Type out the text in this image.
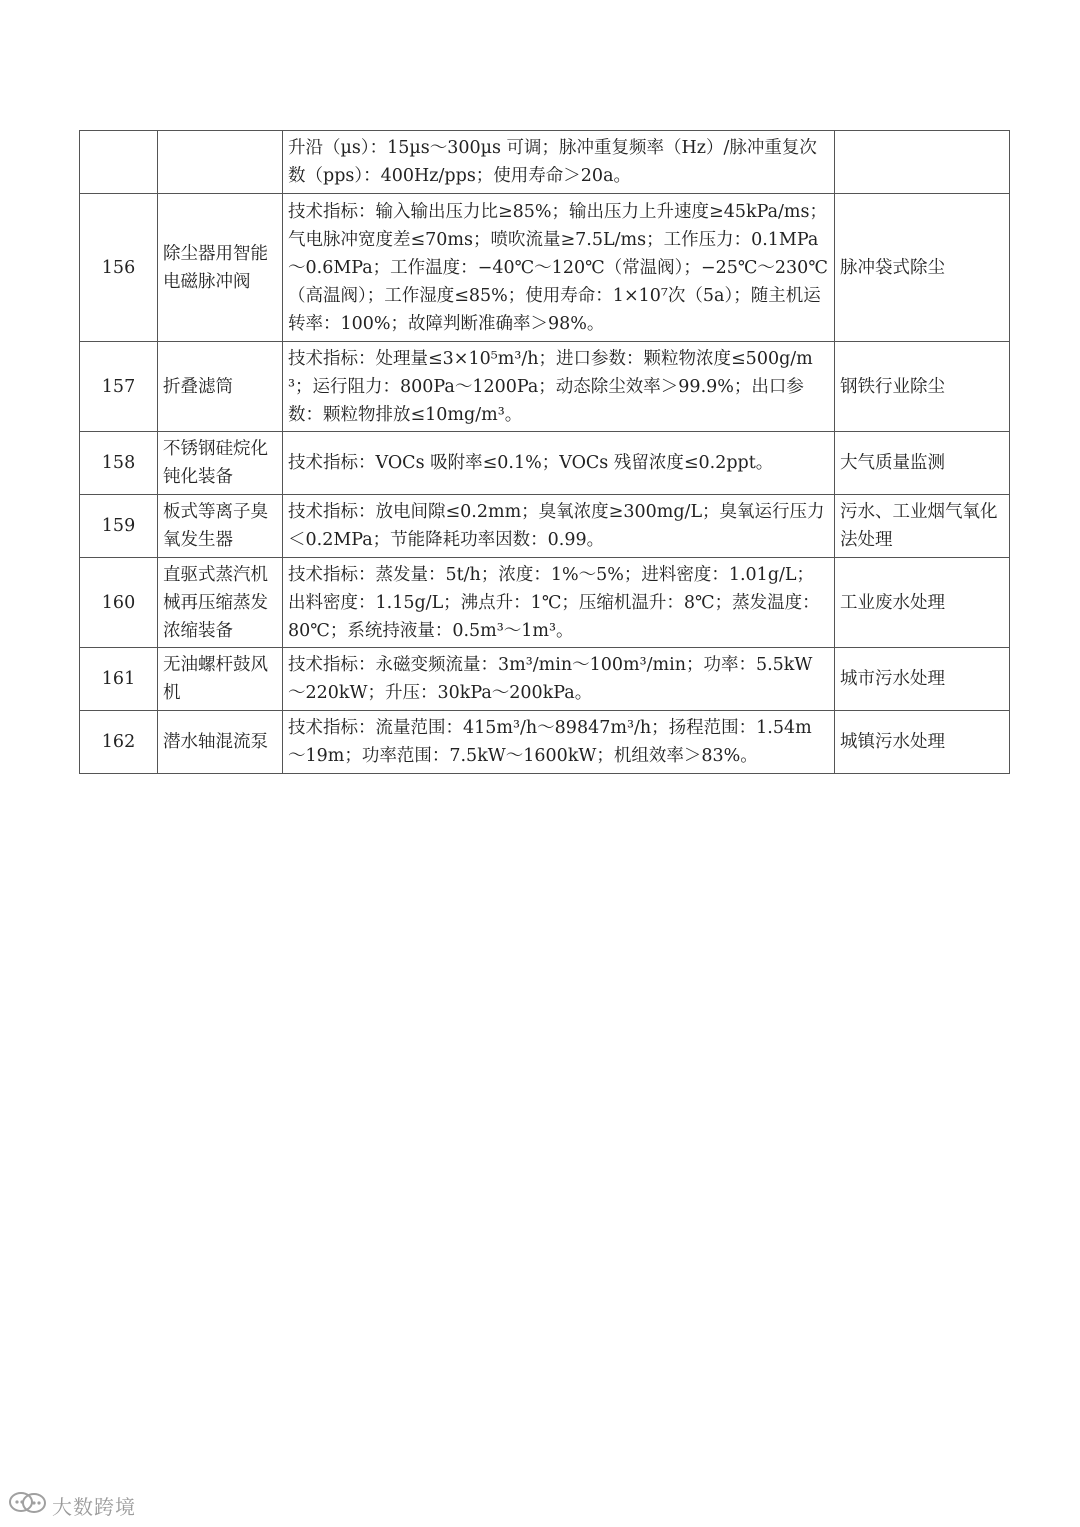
		升沿（µs）：15µs～300µs 可调；脉冲重复频率（Hz）/脉冲重复次数（pps）：400Hz/pps；使用寿命＞20a。	
156	除尘器用智能电磁脉冲阀	技术指标：输入输出压力比≥85%；输出压力上升速度≥45kPa/ms；气电脉冲宽度差≤70ms；喷吹流量≥7.5L/ms；工作压力：0.1MPa～0.6MPa；工作温度：−40℃～120℃（常温阀）；−25℃～230℃（高温阀）；工作湿度≤85%；使用寿命：1×10⁷次（5a）；随主机运转率：100%；故障判断准确率＞98%。	脉冲袋式除尘
157	折叠滤筒	技术指标：处理量≤3×10⁵m³/h；进口参数：颗粒物浓度≤500g/m³；运行阻力：800Pa～1200Pa；动态除尘效率＞99.9%；出口参数：颗粒物排放≤10mg/m³。	钢铁行业除尘
158	不锈钢硅烷化钝化装备	技术指标：VOCs 吸附率≤0.1%；VOCs 残留浓度≤0.2ppt。	大气质量监测
159	板式等离子臭氧发生器	技术指标：放电间隙≤0.2mm；臭氧浓度≥300mg/L；臭氧运行压力＜0.2MPa；节能降耗功率因数：0.99。	污水、工业烟气氧化法处理
160	直驱式蒸汽机械再压缩蒸发浓缩装备	技术指标：蒸发量：5t/h；浓度：1%～5%；进料密度：1.01g/L；出料密度：1.15g/L；沸点升：1℃；压缩机温升：8℃；蒸发温度：80℃；系统持液量：0.5m³～1m³。	工业废水处理
161	无油螺杆鼓风机	技术指标：永磁变频流量：3m³/min～100m³/min；功率：5.5kW～220kW；升压：30kPa～200kPa。	城市污水处理
162	潜水轴混流泵	技术指标：流量范围：415m³/h～89847m³/h；扬程范围：1.54m～19m；功率范围：7.5kW～1600kW；机组效率＞83%。	城镇污水处理
大数跨境
